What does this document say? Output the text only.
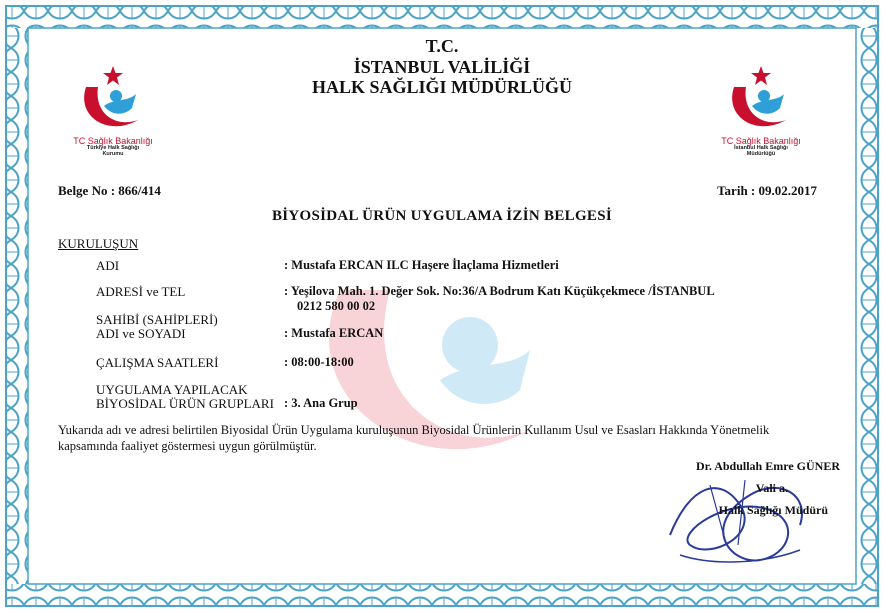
TC Sağlık Bakanlığı
Türkiye Halk Sağlığı
Kurumu
TC Sağlık Bakanlığı
İstanbul Halk Sağlığı
Müdürlüğü
T.C.
İSTANBUL VALİLİĞİ
HALK SAĞLIĞI MÜDÜRLÜĞÜ
Belge No : 866/414	Tarih : 09.02.2017
BİYOSİDAL ÜRÜN UYGULAMA İZİN BELGESİ
KURULUŞUN
ADI	: Mustafa ERCAN ILC Haşere İlaçlama Hizmetleri
ADRESİ ve TEL	: Yeşilova Mah. 1. Değer Sok. No:36/A Bodrum Katı Küçükçekmece /İSTANBUL
0212 580 00 02
SAHİBİ (SAHİPLERİ)
ADI ve SOYADI	: Mustafa ERCAN
ÇALIŞMA SAATLERİ	: 08:00-18:00
UYGULAMA YAPILACAK
BİYOSİDAL ÜRÜN GRUPLARI : 3. Ana Grup
Yukarıda adı ve adresi belirtilen Biyosidal Ürün Uygulama kuruluşunun Biyosidal Ürünlerin Kullanım Usul ve Esasları Hakkında Yönetmelik kapsamında faaliyet göstermesi uygun görülmüştür.
Dr. Abdullah Emre GÜNER
Vali a.
Halk Sağlığı Müdürü
